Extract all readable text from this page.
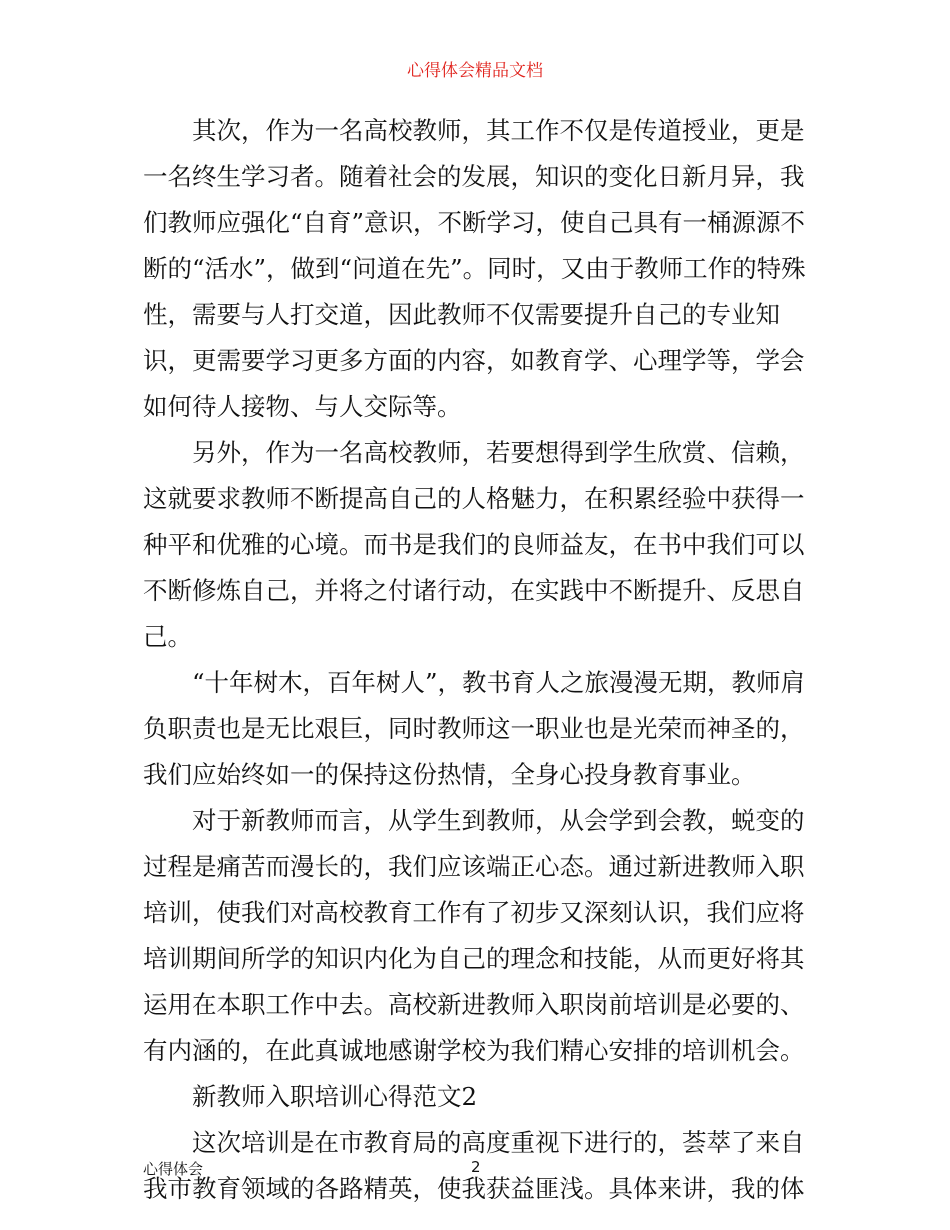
心得体会精品文档

其次，作为一名高校教师，其工作不仅是传道授业，更是一名终生学习者。随着社会的发展，知识的变化日新月异，我们教师应强化“自育”意识，不断学习，使自己具有一桶源源不断的“活水”，做到“问道在先”。同时，又由于教师工作的特殊性，需要与人打交道，因此教师不仅需要提升自己的专业知识，更需要学习更多方面的内容，如教育学、心理学等，学会如何待人接物、与人交际等。

另外，作为一名高校教师，若要想得到学生欣赏、信赖，这就要求教师不断提高自己的人格魅力，在积累经验中获得一种平和优雅的心境。而书是我们的良师益友，在书中我们可以不断修炼自己，并将之付诸行动，在实践中不断提升、反思自己。

“十年树木，百年树人”，教书育人之旅漫漫无期，教师肩负职责也是无比艰巨，同时教师这一职业也是光荣而神圣的，我们应始终如一的保持这份热情，全身心投身教育事业。

对于新教师而言，从学生到教师，从会学到会教，蜕变的过程是痛苦而漫长的，我们应该端正心态。通过新进教师入职培训，使我们对高校教育工作有了初步又深刻认识，我们应将培训期间所学的知识内化为自己的理念和技能，从而更好将其运用在本职工作中去。高校新进教师入职岗前培训是必要的、有内涵的，在此真诚地感谢学校为我们精心安排的培训机会。

新教师入职培训心得范文2

这次培训是在市教育局的高度重视下进行的，荟萃了来自我市教育领域的各路精英，使我获益匪浅。具体来讲，我的体

心得体会	2
